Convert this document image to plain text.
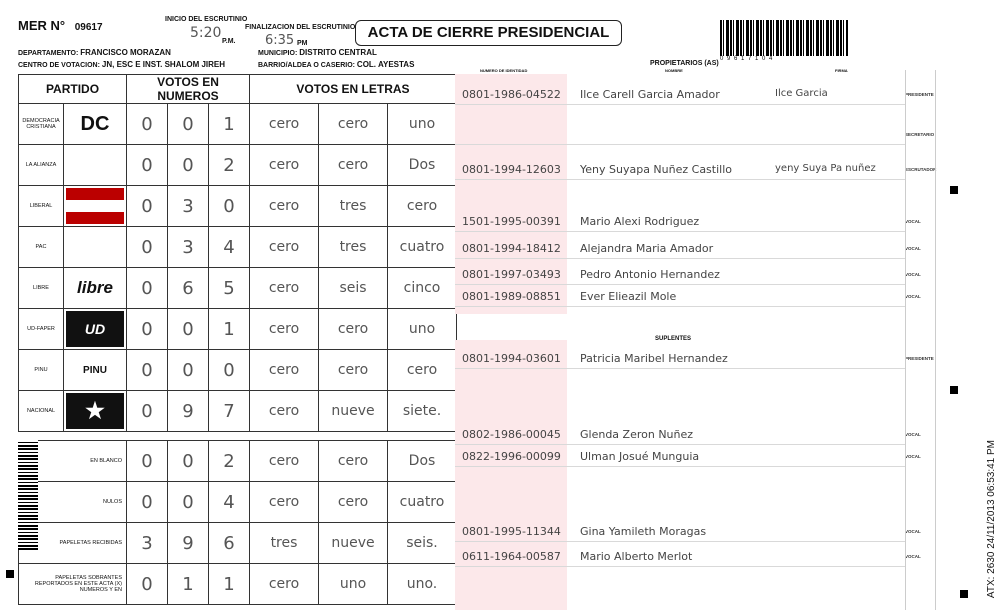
MER N° 09617
INICIO DEL ESCRUTINIO
5:20
P.M.
FINALIZACION DEL ESCRUTINIO
6:35 PM
ACTA DE CIERRE PRESIDENCIAL
0 9 6 1 7 1 0 4
DEPARTAMENTO: FRANCISCO MORAZAN	MUNICIPIO: DISTRITO CENTRAL
CENTRO DE VOTACION: JN, ESC E INST. SHALOM JIREH	BARRIO/ALDEA O CASERIO: COL. AYESTAS	PROPIETARIOS (AS)
NUMERO DE IDENTIDAD	NOMBRE	FIRMA
PARTIDO		VOTOS EN NUMEROS			VOTOS EN LETRAS		
DEMOCRACIA CRISTIANA	DC	0	0	1	cero	cero	uno
LA ALIANZA		0	0	2	cero	cero	Dos
LIBERAL		0	3	0	cero	tres	cero
PAC		0	3	4	cero	tres	cuatro
LIBRE	libre	0	6	5	cero	seis	cinco
UD-FAPER	UD	0	0	1	cero	cero	uno
PINU	PINU	0	0	0	cero	cero	cero
NACIONAL	★	0	9	7	cero	nueve	siete.

EN BLANCO		0	0	2	cero	cero	Dos
NULOS		0	0	4	cero	cero	cuatro
PAPELETAS RECIBIDAS		3	9	6	tres	nueve	seis.
PAPELETAS SOBRANTES REPORTADOS EN ESTE ACTA (X) NUMEROS Y EN		0	1	1	cero	uno	uno.
0801-1986-04522 Ilce Carell Garcia Amador	Ilce Garcia	PRESIDENTE
SECRETARIO
0801-1994-12603 Yeny Suyapa Nuñez Castillo	yeny Suya Pa nuñez	ESCRUTADOR
1501-1995-00391 Mario Alexi Rodriguez	VOCAL
0801-1994-18412 Alejandra Maria Amador	VOCAL
0801-1997-03493 Pedro Antonio Hernandez	VOCAL
0801-1989-08851 Ever Elieazil Mole	VOCAL
0801-1994-03601 Patricia Maribel Hernandez	PRESIDENTE
0802-1986-00045 Glenda Zeron Nuñez	VOCAL
0822-1996-00099 Ulman Josué Munguia	VOCAL
0801-1995-11344 Gina Yamileth Moragas	VOCAL
0611-1964-00587 Mario Alberto Merlot	VOCAL
SUPLENTES
ATX: 2630 24/11/2013 06:53:41 PM
